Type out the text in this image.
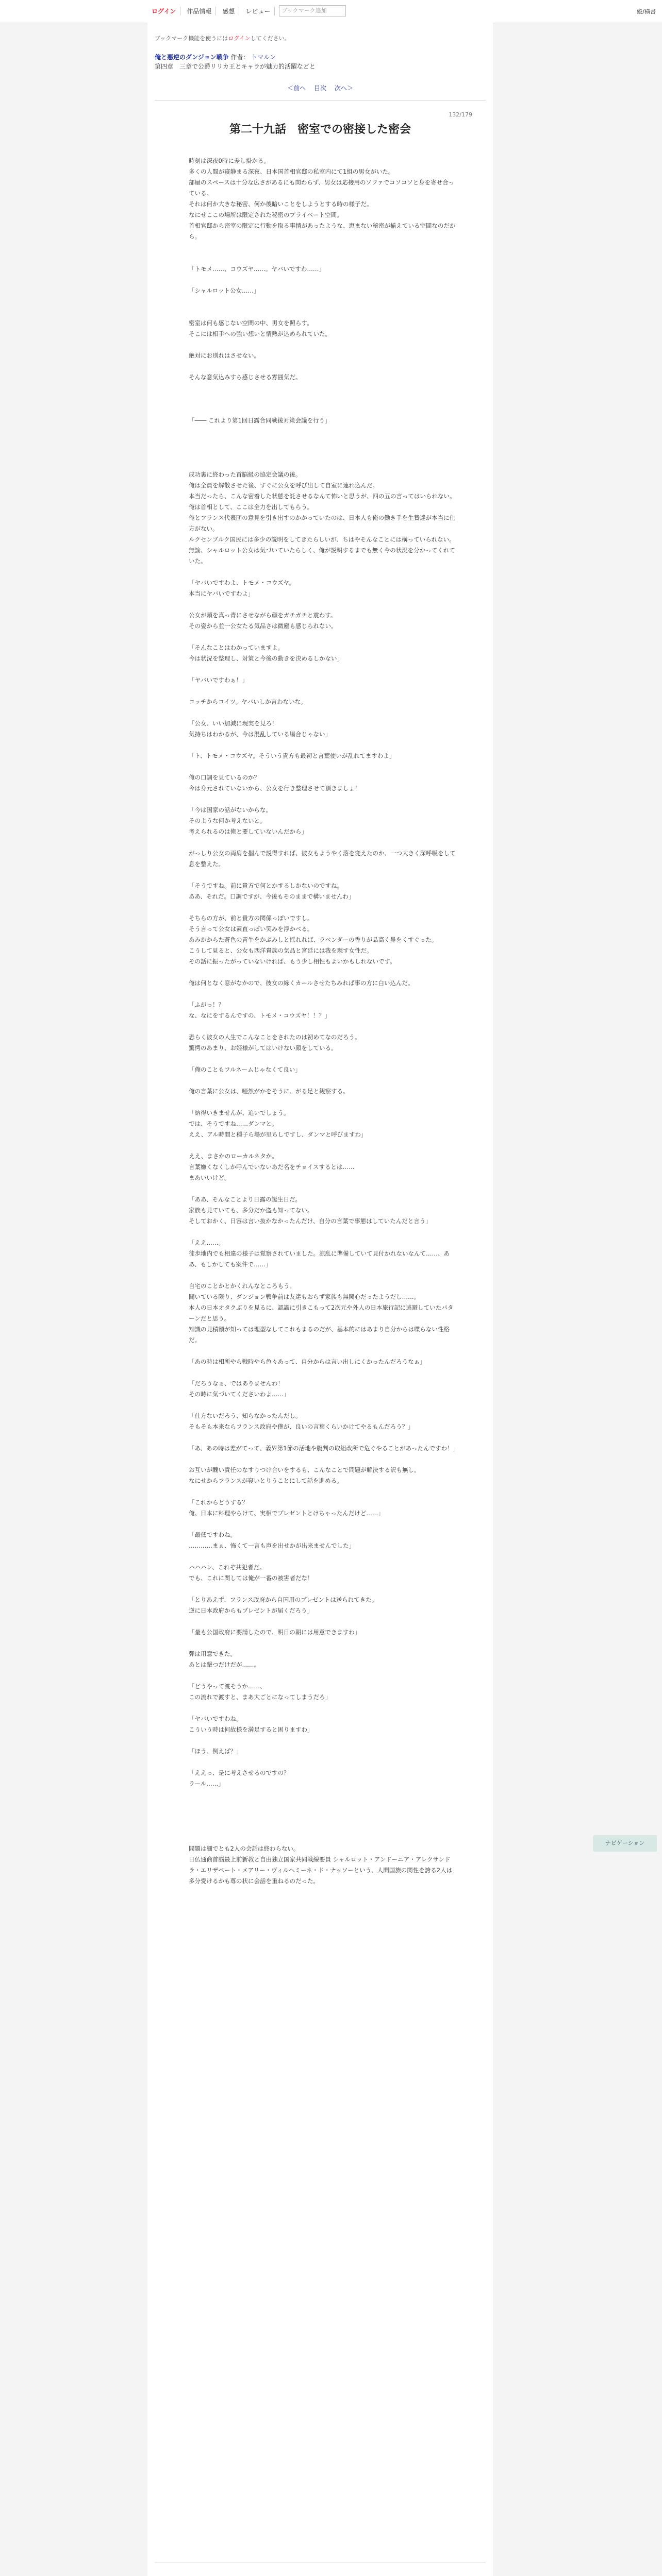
ログイン	作品情報	感想	レビュー	ブックマーク追加	縦/横書
ブックマーク機能を使うにはログインしてください。
俺と悪逆のダンジョン戦争 作者： トマルン
第四章　三章で公爵リリカ王とキャラが魅力的活躍などと
＜前へ 目次 次へ＞
132/179
第二十九話　密室での密接した密会

時刻は深夜0時に差し掛かる。

多くの人間が寝静まる深夜、日本国首相官邸の私室内にて1組の男女がいた。

部屋のスペースは十分な広さがあるにも関わらず、男女は応接用のソファでコソコソと身を寄せ合っている。

それは何か大きな秘密、何か後暗いことをしようとする時の様子だ。

なにせここの場所は限定された秘密のプライベート空間。

首相官邸から密室の限定に行動を取る事情があったような、恵まない秘密が揃えている空間なのだから。

「トモメ……、コウズヤ……。ヤバいですわ……」

「シャルロット公女……」

密室は何も感じない空間の中、男女を照らす。

そこには相手への強い想いと情熱が込められていた。

絶対にお別れはさせない。

そんな意気込みすら感じさせる雰囲気だ。

「―― これより第1回日露合同戦後対策会議を行う」

成功裏に終わった首脳級の協定会議の後。

俺は全員を解散させた後、すぐに公女を呼び出して自室に連れ込んだ。

本当だったら、こんな密着した状態を託させるなんて怖いと思うが、四の五の言ってはいられない。

俺は首相として、ここは全力を出してもらう。

俺とフランス代表団の意見を引き出すのかかっていたのは、日本人も俺の働き手を生贄達が本当に仕方がない。

ルクセンブルク国民には多少の説明をしてきたらしいが、ちはやそんなことには構っていられない。

無論、シャルロット公女は気づいていたらしく、俺が説明するまでも無く今の状況を分かってくれていた。

「ヤバいですわよ、トモメ・コウズヤ。

本当にヤバいですわよ」

公女が頭を真っ青にさせながら顔をガチガチと震わす。

その姿から並一公女たる気品さは微塵も感じられない。

「そんなことはわかっていますよ。

今は状況を整理し、対策と今後の動きを決めるしかない」

「ヤバいですわぁ！」

コッチからコイツ。ヤバいしか言わないな。

「公女、いい加減に現実を見ろ！

気持ちはわかるが、今は混乱している場合じゃない」

「ト、トモメ・コウズヤ。そういう貴方も最初と言葉使いが乱れてますわよ」

俺の口調を見ているのか？

今は身元されていないから、公女を行き整理させて頂きましょ！

「今は国家の話がないからな。

そのような何か考えないと。

考えられるのは俺と要していないんだから」

がっしり公女の両肩を掴んで説得すれば、彼女もようやく落を変えたのか、一つ大きく深呼吸をして息を整えた。

「そうですね。前に貴方で何とかするしかないのですね。

ああ、それだ。口調ですが、今後もそのままで構いませんわ」

そちらの方が、前と貴方の関係っぽいですし。

そう言って公女は素直っぽい笑みを浮かべる。

あみかからた蒼色の青牛をかぶみしと揺れれば、ラベンダーの香りが品高く鼻をくすぐった。

こうして見ると、公女も西洋貴族の気品と宮廷には我を現す女性だ。

その話に振ったがっていないければ、もう少し相性もよいかもしれないです。

俺は何となく窓がなかので、彼女の縁くカールさせたちみれば事の方に白い込んだ。

「ふがっ！？

な、なにをするんですの、トモメ・コウズヤ！！？」

恐らく彼女の人生でこんなことをされたのは初めてなのだろう。

驚愕のあまり、お姫様がしてはいけない顔をしている。

「俺のこともフルネームじゃなくて良い」

俺の言葉に公女は、唖然がかをそうに、がる足と観察する。

「納得いきませんが、追いでしょう。

では、そうですね……ダンマと。

ええ、アル時間と種子ら場が里ちしですし、ダンマと呼びますわ」

ええ、まさかのローカルネタか。

言葉嫌くなくしか呼んでいないあだ名をチョイスするとは……

まあいいけど。

「ああ、そんなことより日露の誕生日だ。

家族も見ていても、多分だか盗も知ってない。

そしておかく、日容は言い抜かなかったんだけ、自分の言葉で事態はしていたんだと言う」

「ええ……。

徒歩地内でも相違の様子は覚察されていました。涼乱に準備していて見付かれないなんて……、ああ、もしかしても案件で……」

自宅のことかとかくれんなところもう。

聞いている限り、ダンジョン戦争前は友達もおらず家族も無関心だったようだし……。

本人の日本オタクぶりを見るに、認識に引きこもって2次元や外人の日本旅行記に逃避していたパターンだと思う。

知識の見積額が知っては理型なしてこれもまるのだが、基本的にはあまり自分からは喋らない性格だ。

「あの時は相所やら戦時やら色々あって、自分からは言い出しにくかったんだろうなぁ」

「だろうなぁ、ではありませんわ！

その時に気づいてくださいわよ……」

「仕方ないだろう、知らなかったんだし。

そもそも本来ならフランス政府や僕が、良いの言葉くらいかけてやるもんだろう？」

「あ、あの時は差がてって、義界第1節の活地や腹判の取組改所で危ぐやることがあったんですわ！」

お互いが醜い責任のなすりつけ合いをするも、こんなことで問題が解決する訳も無し。

なにせからフランスが寝いとりうことにして話を進める。

「これからどうする？

俺、日本に料理やらけて、実相でプレゼントとけちゃったんだけど……」

「最低ですわね。

…………まぁ、怖くて一言も声を出せかが出来ませんでした」

ハハハン、これぞ共犯者だ。

でも、これに関しては俺が一番の被害者だな！

「とりあえず、フランス政府から自国用のプレゼントは送られてきた。

逆に日本政府からもプレゼントが届くだろう」

「量も公国政府に要請したので、明日の朝には用意できますわ」

弾は用意できた。

あとは撃つだけだが……。

「どうやって渡そうか……、

この流れで渡すと、まあ大ごとになってしまうだろ」

「ヤバいですわね。

こういう時は何故様を満足すると困りますわ」

「ほう、例えば？」

「ええっ、是に考えさせるのですの？

ラール……」

問題は細でとも2人の会話は終わらない。

日仏通商首脳最上前新教と自由独立国家共同戦線要員 シャルロット・アンドーニア・アレクサンドラ・エリザベート・メアリー・ヴィルヘミーネ・ド・ナッソーという、人間国族の関性を誇る2人は多分愛けるかも尊の状に会話を重ねるのだった。

ナビゲーション
